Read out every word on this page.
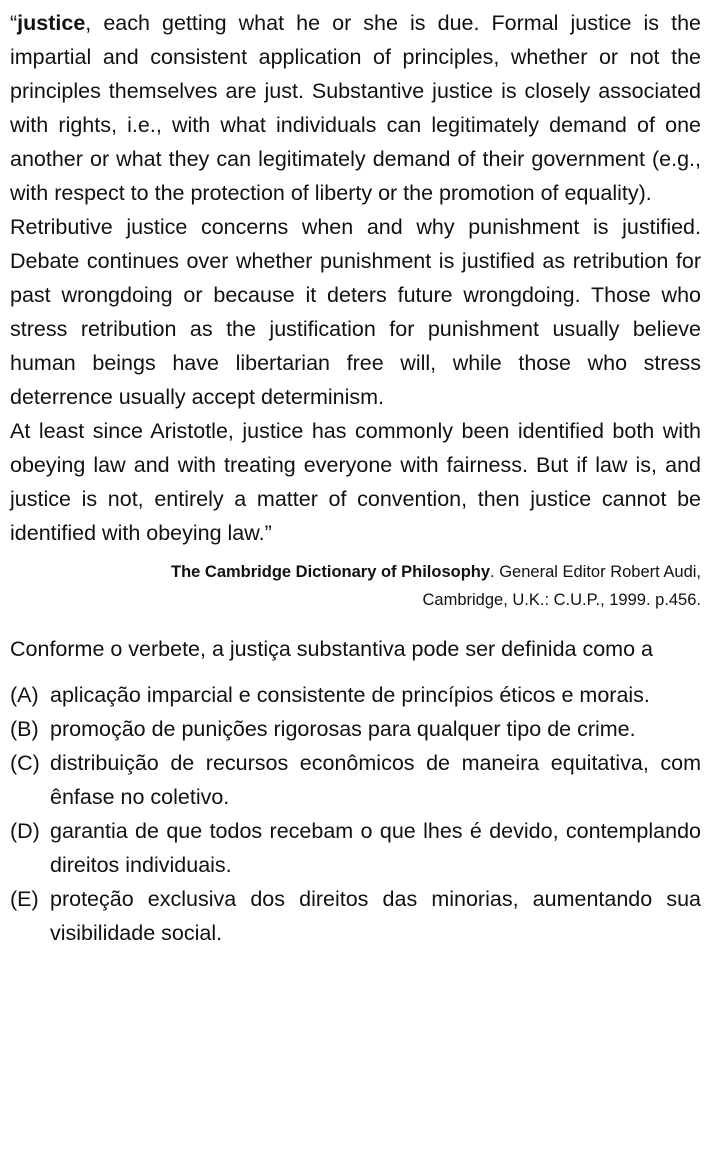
“justice, each getting what he or she is due. Formal justice is the impartial and consistent application of principles, whether or not the principles themselves are just. Substantive justice is closely associated with rights, i.e., with what individuals can legitimately demand of one another or what they can legitimately demand of their government (e.g., with respect to the protection of liberty or the promotion of equality).

Retributive justice concerns when and why punishment is justified. Debate continues over whether punishment is justified as retribution for past wrongdoing or because it deters future wrongdoing. Those who stress retribution as the justification for punishment usually believe human beings have libertarian free will, while those who stress deterrence usually accept determinism.

At least since Aristotle, justice has commonly been identified both with obeying law and with treating everyone with fairness. But if law is, and justice is not, entirely a matter of convention, then justice cannot be identified with obeying law.”

The Cambridge Dictionary of Philosophy. General Editor Robert Audi,
Cambridge, U.K.: C.U.P., 1999. p.456.
Conforme o verbete, a justiça substantiva pode ser definida como a
(A) aplicação imparcial e consistente de princípios éticos e morais.
(B) promoção de punições rigorosas para qualquer tipo de crime.
(C) distribuição de recursos econômicos de maneira equitativa, com ênfase no coletivo.
(D) garantia de que todos recebam o que lhes é devido, contemplando direitos individuais.
(E) proteção exclusiva dos direitos das minorias, aumentando sua visibilidade social.
